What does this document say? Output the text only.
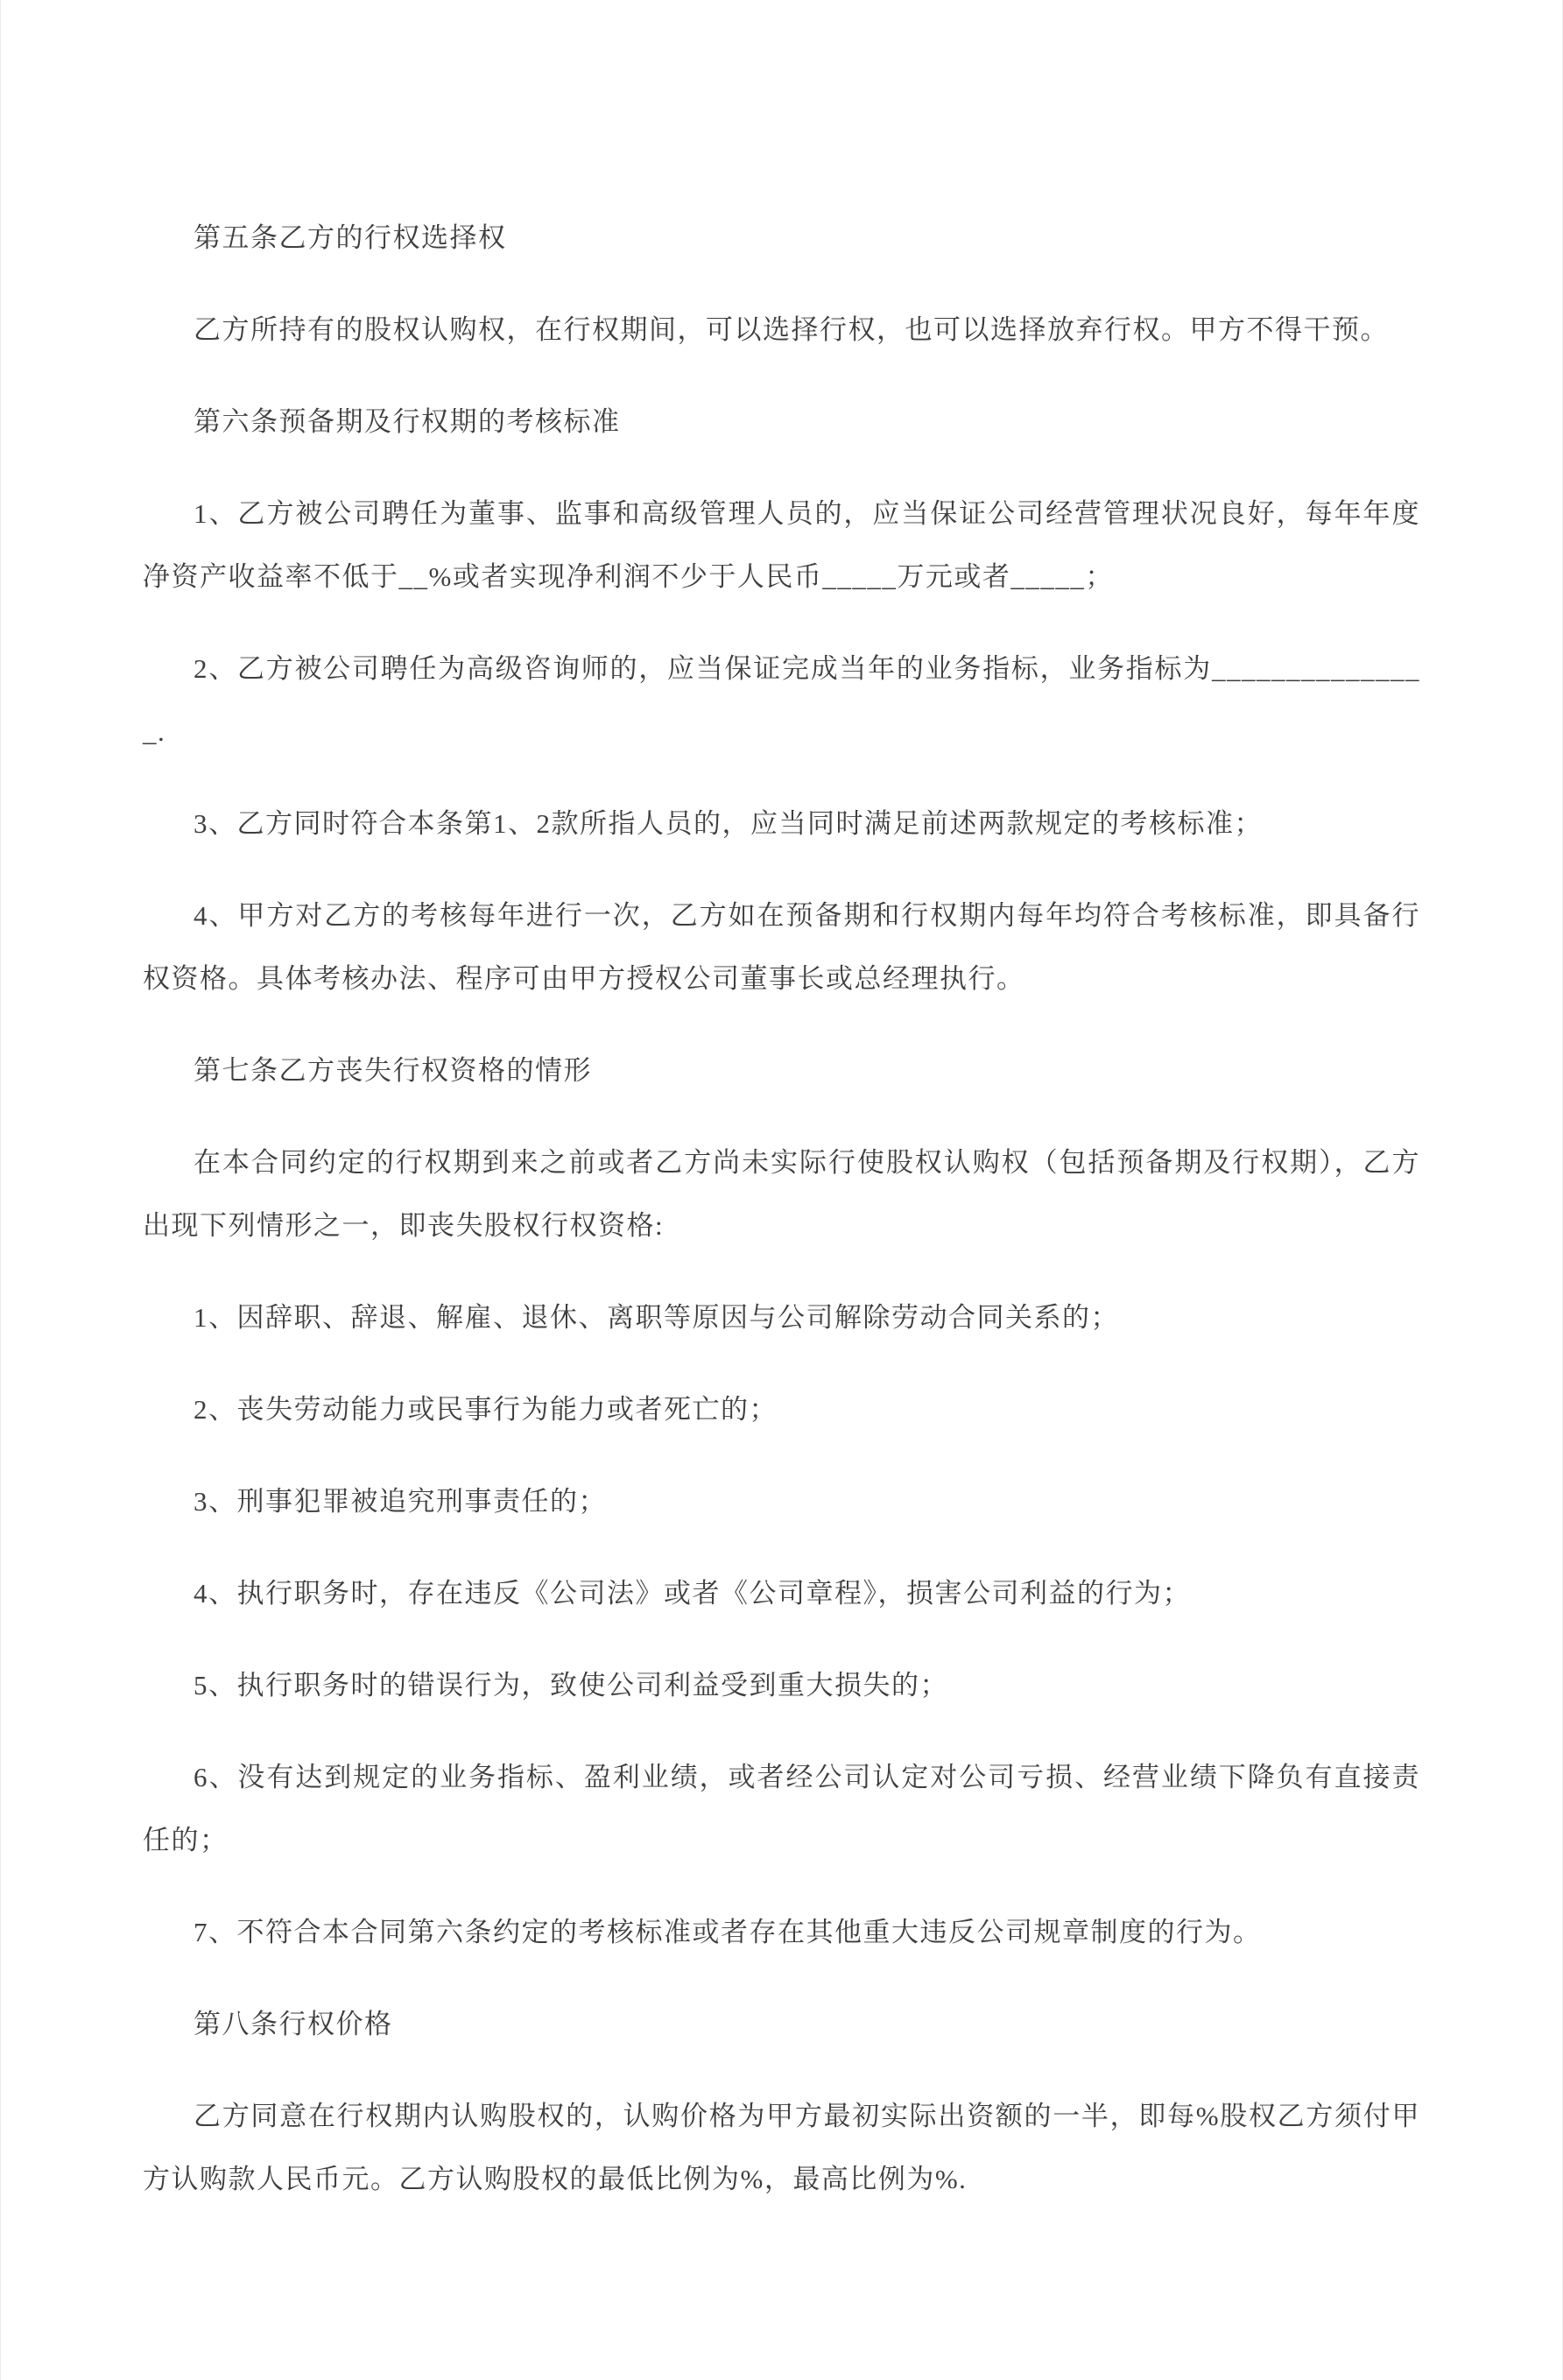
第五条乙方的行权选择权

乙方所持有的股权认购权，在行权期间，可以选择行权，也可以选择放弃行权。甲方不得干预。

第六条预备期及行权期的考核标准

1、乙方被公司聘任为董事、监事和高级管理人员的，应当保证公司经营管理状况良好，每年年度净资产收益率不低于__%或者实现净利润不少于人民币_____万元或者_____；

2、乙方被公司聘任为高级咨询师的，应当保证完成当年的业务指标，业务指标为_______________.

3、乙方同时符合本条第1、2款所指人员的，应当同时满足前述两款规定的考核标准；

4、甲方对乙方的考核每年进行一次，乙方如在预备期和行权期内每年均符合考核标准，即具备行权资格。具体考核办法、程序可由甲方授权公司董事长或总经理执行。

第七条乙方丧失行权资格的情形

在本合同约定的行权期到来之前或者乙方尚未实际行使股权认购权（包括预备期及行权期），乙方出现下列情形之一，即丧失股权行权资格:

1、因辞职、辞退、解雇、退休、离职等原因与公司解除劳动合同关系的；

2、丧失劳动能力或民事行为能力或者死亡的；

3、刑事犯罪被追究刑事责任的；

4、执行职务时，存在违反《公司法》或者《公司章程》，损害公司利益的行为；

5、执行职务时的错误行为，致使公司利益受到重大损失的；

6、没有达到规定的业务指标、盈利业绩，或者经公司认定对公司亏损、经营业绩下降负有直接责任的；

7、不符合本合同第六条约定的考核标准或者存在其他重大违反公司规章制度的行为。

第八条行权价格

乙方同意在行权期内认购股权的，认购价格为甲方最初实际出资额的一半，即每%股权乙方须付甲方认购款人民币元。乙方认购股权的最低比例为%，最高比例为%.
